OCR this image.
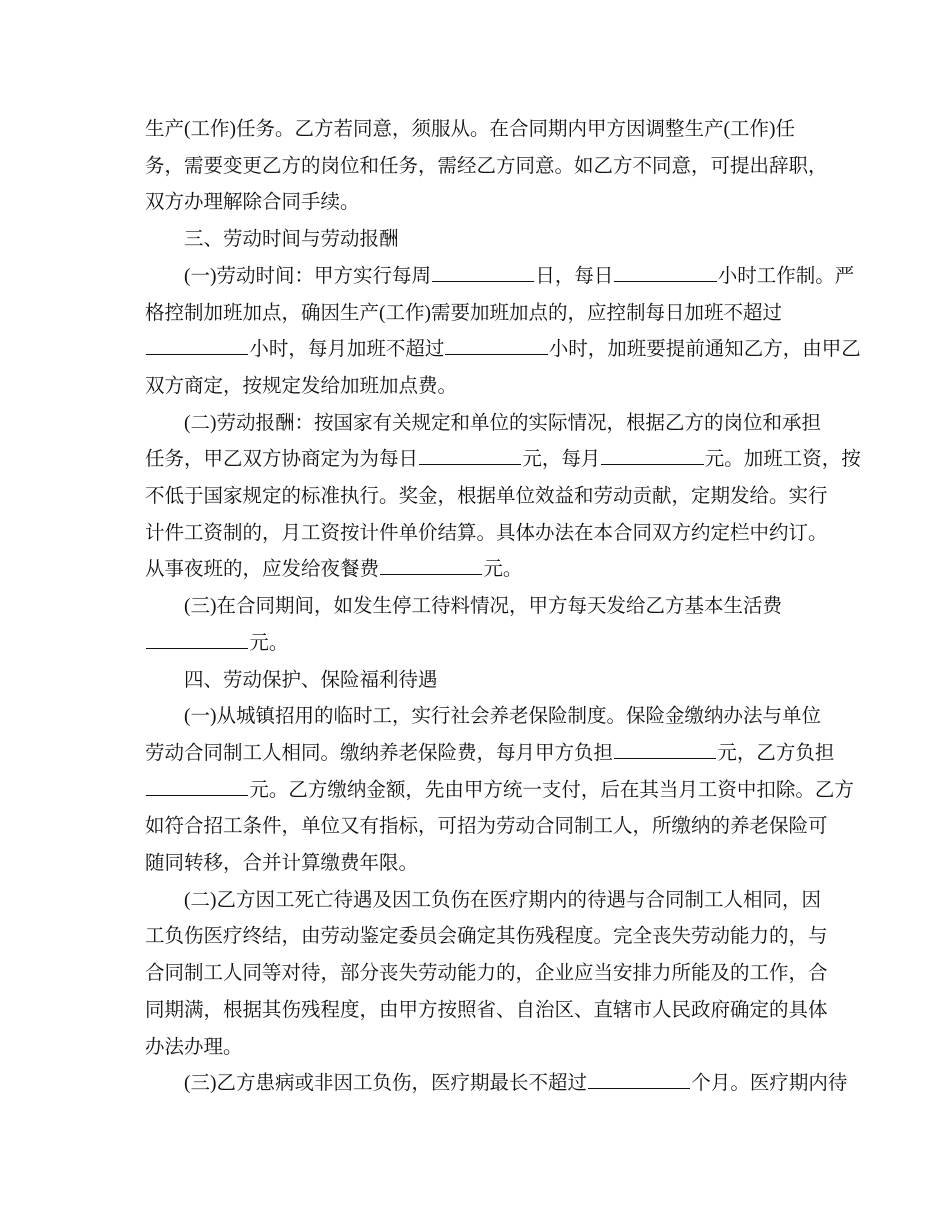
生产(工作)任务。乙方若同意，须服从。在合同期内甲方因调整生产(工作)任

务，需要变更乙方的岗位和任务，需经乙方同意。如乙方不同意，可提出辞职，

双方办理解除合同手续。

三、劳动时间与劳动报酬

(一)劳动时间：甲方实行每周	日，每日	小时工作制。严

格控制加班加点，确因生产(工作)需要加班加点的，应控制每日加班不超过

小时，每月加班不超过	小时，加班要提前通知乙方，由甲乙

双方商定，按规定发给加班加点费。

(二)劳动报酬：按国家有关规定和单位的实际情况，根据乙方的岗位和承担

任务，甲乙双方协商定为为每日	元，每月	元。加班工资，按

不低于国家规定的标准执行。奖金，根据单位效益和劳动贡献，定期发给。实行

计件工资制的，月工资按计件单价结算。具体办法在本合同双方约定栏中约订。

从事夜班的，应发给夜餐费	元。

(三)在合同期间，如发生停工待料情况，甲方每天发给乙方基本生活费

元。

四、劳动保护、保险福利待遇

(一)从城镇招用的临时工，实行社会养老保险制度。保险金缴纳办法与单位

劳动合同制工人相同。缴纳养老保险费，每月甲方负担	元，乙方负担

元。乙方缴纳金额，先由甲方统一支付，后在其当月工资中扣除。乙方

如符合招工条件，单位又有指标，可招为劳动合同制工人，所缴纳的养老保险可

随同转移，合并计算缴费年限。

(二)乙方因工死亡待遇及因工负伤在医疗期内的待遇与合同制工人相同，因

工负伤医疗终结，由劳动鉴定委员会确定其伤残程度。完全丧失劳动能力的，与

合同制工人同等对待，部分丧失劳动能力的，企业应当安排力所能及的工作，合

同期满，根据其伤残程度，由甲方按照省、自治区、直辖市人民政府确定的具体

办法办理。

(三)乙方患病或非因工负伤，医疗期最长不超过	个月。医疗期内待
